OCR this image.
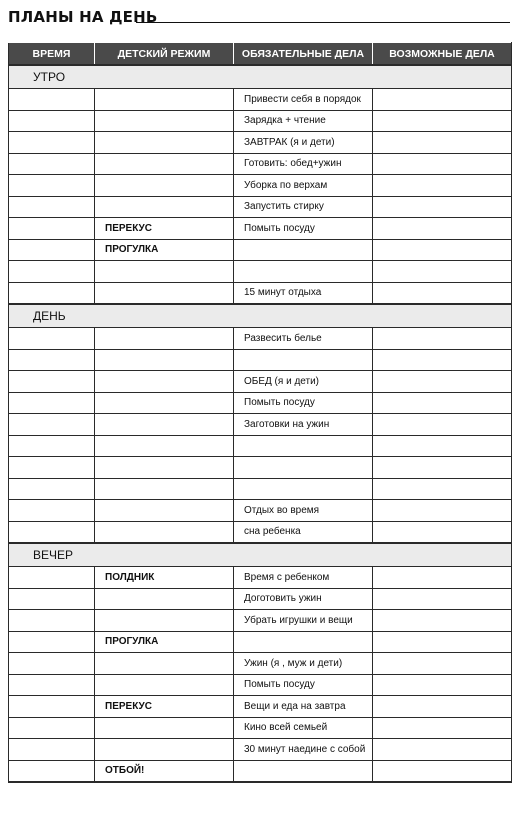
ПЛАНЫ НА ДЕНЬ
ВРЕМЯ	ДЕТСКИЙ РЕЖИМ	ОБЯЗАТЕЛЬНЫЕ ДЕЛА	ВОЗМОЖНЫЕ ДЕЛА
УТРО			
		Привести себя в порядок	
		Зарядка + чтение	
		ЗАВТРАК (я и дети)	
		Готовить: обед+ужин	
		Уборка по верхам	
		Запустить стирку	
	ПЕРЕКУС	Помыть посуду	
	ПРОГУЛКА		

		15 минут отдыха	
ДЕНЬ			
		Развесить белье	

		ОБЕД (я и дети)	
		Помыть посуду	
		Заготовки на ужин	

		Отдых во время	
		сна ребенка	
ВЕЧЕР			
	ПОЛДНИК	Время с ребенком	
		Доготовить ужин	
		Убрать игрушки и вещи	
	ПРОГУЛКА		
		Ужин (я , муж и дети)	
		Помыть посуду	
	ПЕРЕКУС	Вещи и еда на завтра	
		Кино всей семьей	
		30 минут наедине с собой	
	ОТБОЙ!		
